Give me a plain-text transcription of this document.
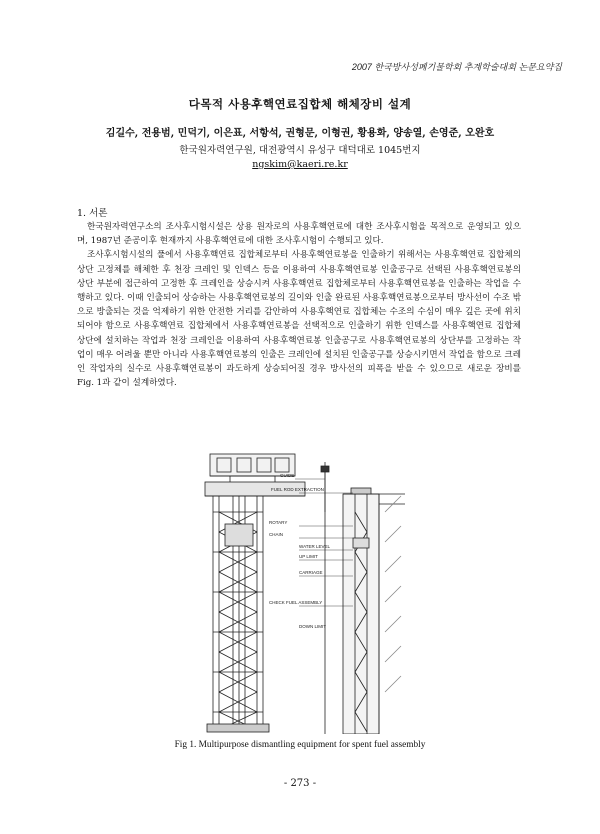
2007 한국방사성폐기물학회 추계학술대회 논문요약집
다목적 사용후핵연료집합체 해체장비 설계
김길수, 전용범, 민덕기, 이은표, 서항석, 권형문, 이형권, 황용화, 양송열, 손영준, 오완호
한국원자력연구원, 대전광역시 유성구 대덕대로 1045번지
ngskim@kaeri.re.kr
1. 서론

한국원자력연구소의 조사후시험시설은 상용 원자로의 사용후핵연료에 대한 조사후시험을 목적으로 운영되고 있으며, 1987년 준공이후 현재까지 사용후핵연료에 대한 조사후시험이 수행되고 있다.

조사후시험시설의 풀에서 사용후핵연료 집합체로부터 사용후핵연료봉을 인출하기 위해서는 사용후핵연료 집합체의 상단 고정체를 해체한 후 천장 크레인 및 인덱스 등을 이용하여 사용후핵연료봉 인출공구로 선택된 사용후핵연료봉의 상단 부분에 접근하여 고정한 후 크레인을 상승시켜 사용후핵연료 집합체로부터 사용후핵연료봉을 인출하는 작업을 수행하고 있다. 이때 인출되어 상승하는 사용후핵연료봉의 길이와 인출 완료된 사용후핵연료봉으로부터 방사선이 수조 밖으로 방출되는 것을 억제하기 위한 안전한 거리를 감안하여 사용후핵연료 집합체는 수조의 수심이 매우 깊은 곳에 위치되어야 함으로 사용후핵연료 집합체에서 사용후핵연료봉을 선택적으로 인출하기 위한 인덱스를 사용후핵연료 집합체 상단에 설치하는 작업과 천장 크레인을 이용하여 사용후핵연료봉 인출공구로 사용후핵연료봉의 상단부를 고정하는 작업이 매우 어려울 뿐만 아니라 사용후핵연료봉의 인출은 크레인에 설치된 인출공구를 상승시키면서 작업을 함으로 크레인 작업자의 실수로 사용후핵연료봉이 과도하게 상승되어질 경우 방사선의 피폭을 받을 수 있으므로 새로운 장비를 Fig. 1과 같이 설계하였다.

GUIDE
FUEL ROD EXTRACTION
ROTARY
CHAIN
WATER LEVEL
UP LIMIT
CARRIAGE
CHECK FUEL ASSEMBLY
DOWN LIMIT
Fig 1. Multipurpose dismantling equipment for spent fuel assembly
- 273 -
